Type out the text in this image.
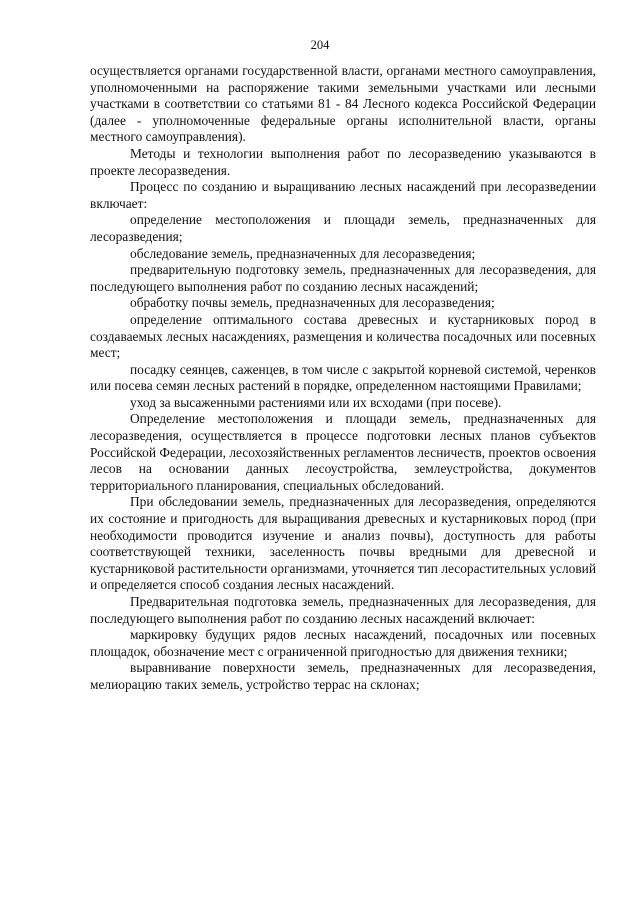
204

осуществляется органами государственной власти, органами местного самоуправления, уполномоченными на распоряжение такими земельными участками или лесными участками в соответствии со статьями 81 - 84 Лесного кодекса Российской Федерации (далее - уполномоченные федеральные органы исполнительной власти, органы местного самоуправления).

Методы и технологии выполнения работ по лесоразведению указываются в проекте лесоразведения.

Процесс по созданию и выращиванию лесных насаждений при лесоразведении включает:

определение местоположения и площади земель, предназначенных для лесоразведения;

обследование земель, предназначенных для лесоразведения;

предварительную подготовку земель, предназначенных для лесоразведения, для последующего выполнения работ по созданию лесных насаждений;

обработку почвы земель, предназначенных для лесоразведения;

определение оптимального состава древесных и кустарниковых пород в создаваемых лесных насаждениях, размещения и количества посадочных или посевных мест;

посадку сеянцев, саженцев, в том числе с закрытой корневой системой, черенков или посева семян лесных растений в порядке, определенном настоящими Правилами;

уход за высаженными растениями или их всходами (при посеве).

Определение местоположения и площади земель, предназначенных для лесоразведения, осуществляется в процессе подготовки лесных планов субъектов Российской Федерации, лесохозяйственных регламентов лесничеств, проектов освоения лесов на основании данных лесоустройства, землеустройства, документов территориального планирования, специальных обследований.

При обследовании земель, предназначенных для лесоразведения, определяются их состояние и пригодность для выращивания древесных и кустарниковых пород (при необходимости проводится изучение и анализ почвы), доступность для работы соответствующей техники, заселенность почвы вредными для древесной и кустарниковой растительности организмами, уточняется тип лесорастительных условий и определяется способ создания лесных насаждений.

Предварительная подготовка земель, предназначенных для лесоразведения, для последующего выполнения работ по созданию лесных насаждений включает:

маркировку будущих рядов лесных насаждений, посадочных или посевных площадок, обозначение мест с ограниченной пригодностью для движения техники;

выравнивание поверхности земель, предназначенных для лесоразведения, мелиорацию таких земель, устройство террас на склонах;
